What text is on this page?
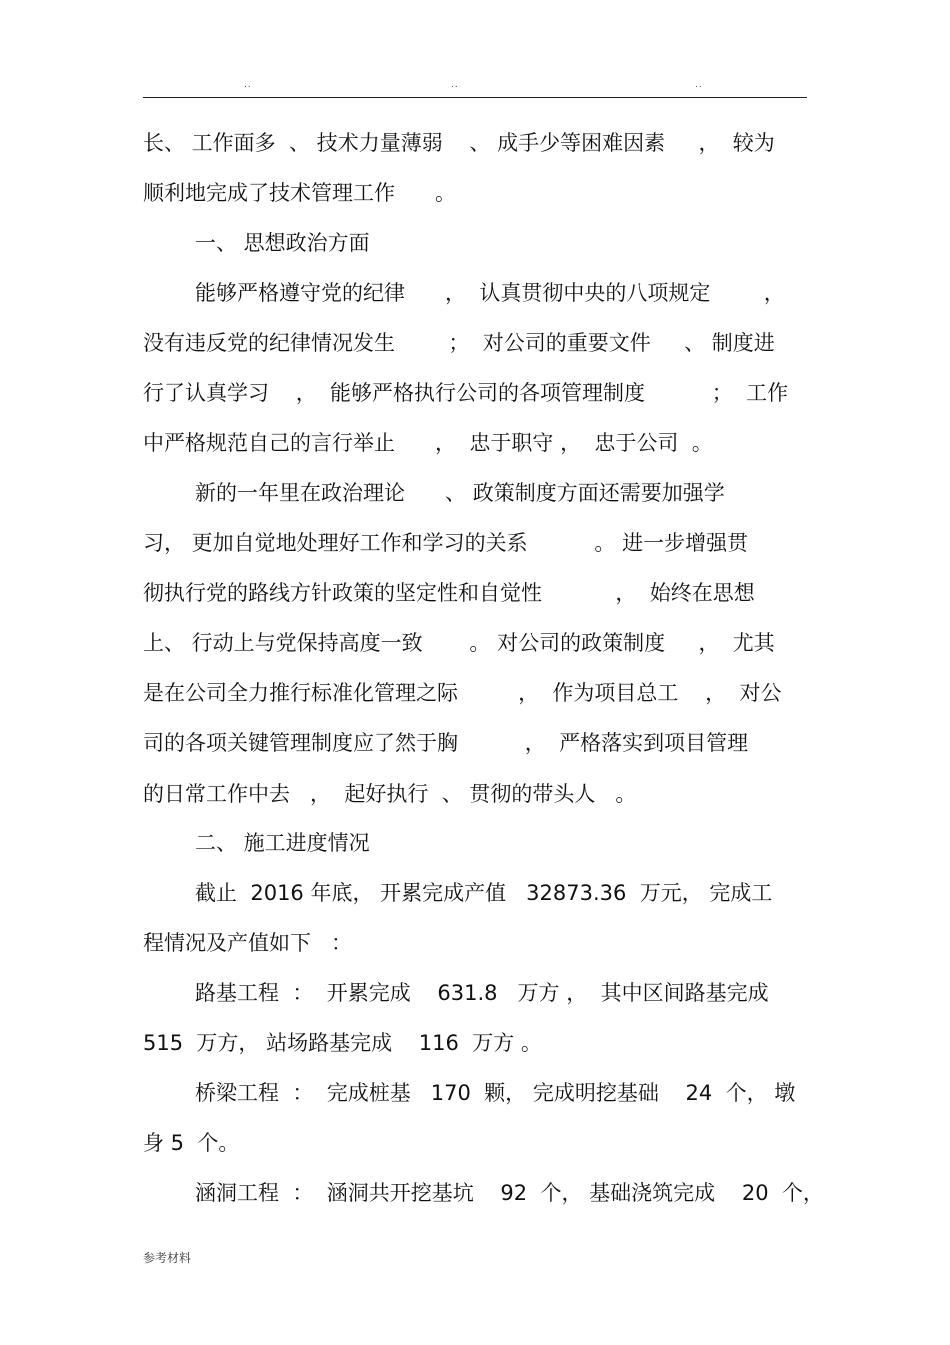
..	..	..
长、 工作面多  、 技术力量薄弱    、 成手少等困难因素     ，  较为
顺利地完成了技术管理工作      。
一、 思想政治方面
能够严格遵守党的纪律      ，  认真贯彻中央的八项规定        ，
没有违反党的纪律情况发生        ；  对公司的重要文件     、 制度进
行了认真学习    ，  能够严格执行公司的各项管理制度          ；  工作
中严格规范自己的言行举止      ，  忠于职守 ，  忠于公司  。
新的一年里在政治理论      、 政策制度方面还需要加强学
习， 更加自觉地处理好工作和学习的关系          。 进一步增强贯
彻执行党的路线方针政策的坚定性和自觉性           ，  始终在思想
上、 行动上与党保持高度一致       。 对公司的政策制度     ，  尤其
是在公司全力推行标准化管理之际         ，  作为项目总工    ，  对公
司的各项关键管理制度应了然于胸          ，  严格落实到项目管理
的日常工作中去   ，  起好执行  、 贯彻的带头人   。
二、 施工进度情况
截止  2016 年底， 开累完成产值   32873.36  万元， 完成工
程情况及产值如下   ：
路基工程  ：  开累完成    631.8   万方 ，  其中区间路基完成
515  万方， 站场路基完成    116  万方 。
桥梁工程  ：  完成桩基   170  颗， 完成明挖基础    24  个， 墩
身 5  个。
涵洞工程  ：  涵洞共开挖基坑    92  个， 基础浇筑完成    20  个，
参考材料
